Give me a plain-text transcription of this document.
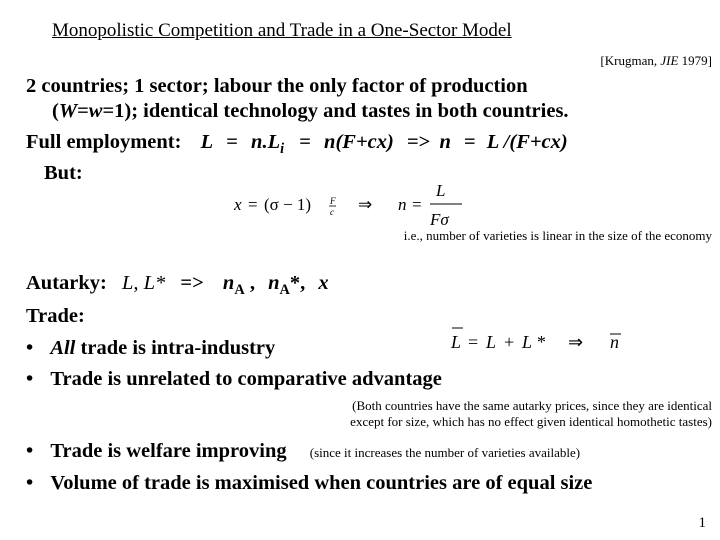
Monopolistic Competition and Trade in a One-Sector Model
[Krugman, JIE 1979]
2 countries; 1 sector; labour the only factor of production
(W=w=1); identical technology and tastes in both countries.
Full employment: $L = n.L_i = n(F+cx) => n = L$ /(F+cx)
But:
x = (σ − 1) F
c ⇒ n =
L
Fσ
i.e., number of varieties is linear in the size of the economy
Autarky: L, $L* => n_A$ , $n_A*$, x
Trade:
• All trade is intra-industry
• Trade is unrelated to comparative advantage
L = L + L * ⇒ n
(Both countries have the same autarky prices, since they are identical
except for size, which has no effect given identical homothetic tastes)
• Trade is welfare improving (since it increases the number of varieties available)
• Volume of trade is maximised when countries are of equal size
1
